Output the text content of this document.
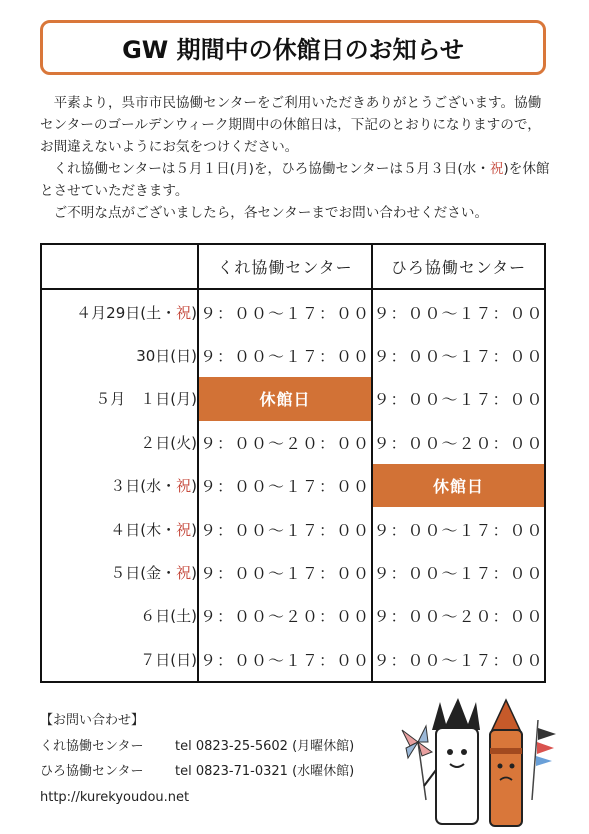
GW 期間中の休館日のお知らせ

平素より，呉市市民協働センターをご利用いただきありがとうございます。協働センターのゴールデンウィーク期間中の休館日は，下記のとおりになりますので，お間違えないようにお気をつけください。

くれ協働センターは５月１日(月)を，ひろ協働センターは５月３日(水・祝)を休館とさせていただきます。

ご不明な点がございましたら，各センターまでお問い合わせください。

	くれ協働センター	ひろ協働センター
４月29日(土・祝)	９：００〜１７：００	９：００〜１７：００
30日(日)	９：００〜１７：００	９：００〜１７：００
５月　１日(月)	休館日	９：００〜１７：００
２日(火)	９：００〜２０：００	９：００〜２０：００
３日(水・祝)	９：００〜１７：００	休館日
４日(木・祝)	９：００〜１７：００	９：００〜１７：００
５日(金・祝)	９：００〜１７：００	９：００〜１７：００
６日(土)	９：００〜２０：００	９：００〜２０：００
７日(日)	９：００〜１７：００	９：００〜１７：００
【お問い合わせ】
くれ協働センター	tel 0823-25-5602 (月曜休館)
ひろ協働センター	tel 0823-71-0321 (水曜休館)
http://kurekyoudou.net
